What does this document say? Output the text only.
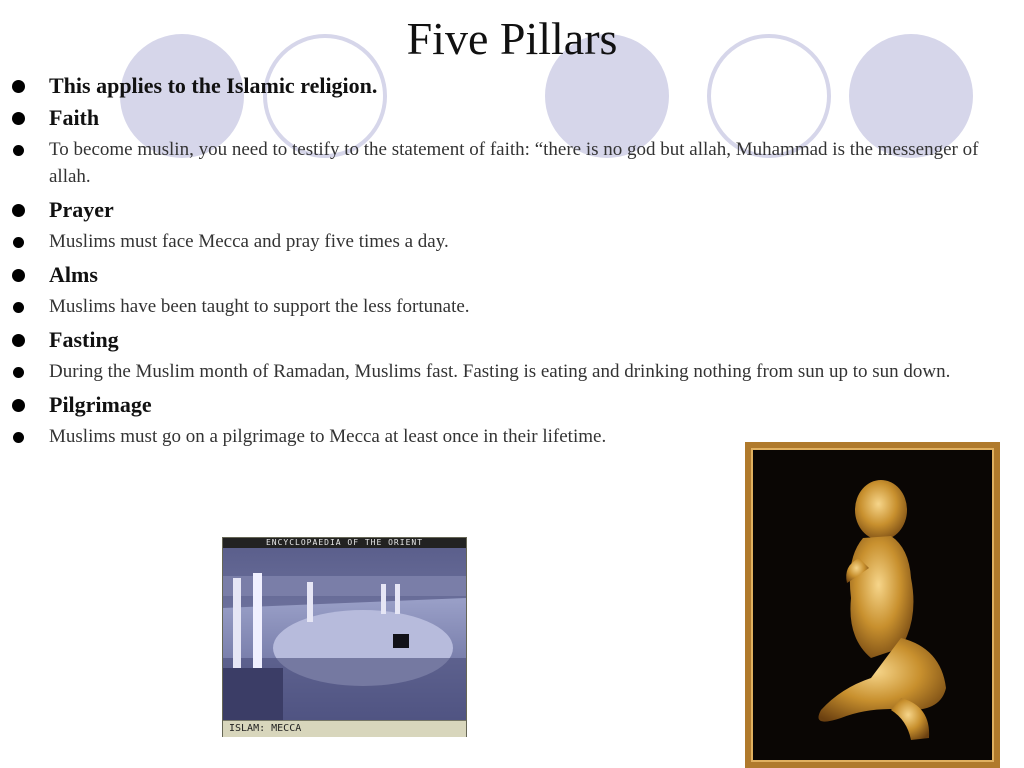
Five Pillars
This applies to the Islamic religion.
Faith
To become muslin, you need to testify to the statement of faith: “there is no god but allah, Muhammad is the messenger of allah.
Prayer
Muslims must face Mecca and pray five times a day.
Alms
Muslims have been taught to support the less fortunate.
Fasting
During the Muslim month of Ramadan, Muslims fast. Fasting is eating and drinking nothing from sun up to sun down.
Pilgrimage
Muslims must go on a pilgrimage to Mecca at least once in their lifetime.
ENCYCLOPAEDIA OF THE ORIENT
ISLAM: MECCA
